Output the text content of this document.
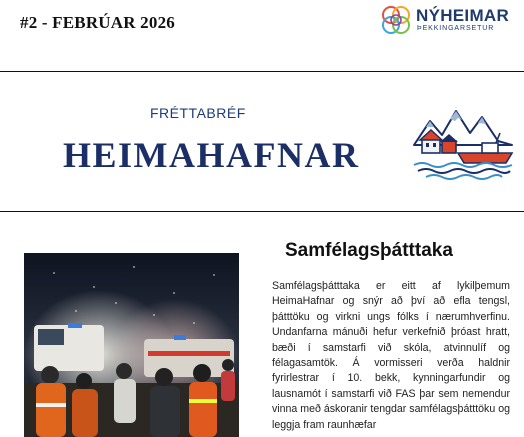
#2 - FEBRÚAR 2026	NÝHEIMAR
ÞEKKINGARSETUR
FRÉTTABRÉF
HEIMAHAFNAR
Samfélagsþátttaka
Samfélagsþátttaka er eitt af lykilþemum HeimaHafnar og snýr að því að efla tengsl, þátttöku og virkni ungs fólks í nærumhverfinu. Undanfarna mánuði hefur verkefnið þróast hratt, bæði í samstarfi við skóla, atvinnulíf og félagasamtök. Á vormisseri verða haldnir fyrirlestrar í 10. bekk, kynningarfundir og lausnamót í samstarfi við FAS þar sem nemendur vinna með áskoranir tengdar samfélagsþátttöku og leggja fram raunhæfar
